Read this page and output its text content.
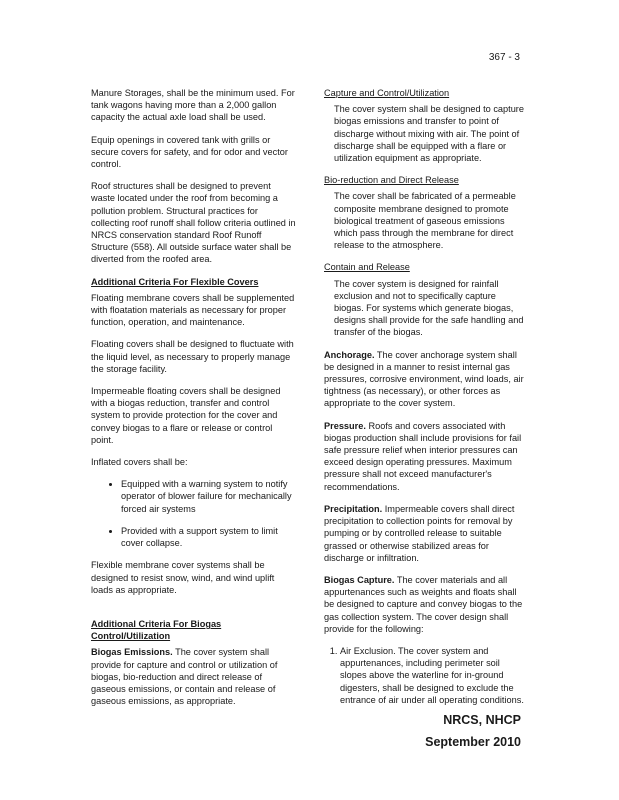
367 - 3

Manure Storages, shall be the minimum used. For tank wagons having more than a 2,000 gallon capacity the actual axle load shall be used.

Equip openings in covered tank with grills or secure covers for safety, and for odor and vector control.

Roof structures shall be designed to prevent waste located under the roof from becoming a pollution problem. Structural practices for collecting roof runoff shall follow criteria outlined in NRCS conservation standard Roof Runoff Structure (558). All outside surface water shall be diverted from the roofed area.

Additional Criteria For Flexible Covers

Floating membrane covers shall be supplemented with floatation materials as necessary for proper function, operation, and maintenance.

Floating covers shall be designed to fluctuate with the liquid level, as necessary to properly manage the storage facility.

Impermeable floating covers shall be designed with a biogas reduction, transfer and control system to provide protection for the cover and convey biogas to a flare or release or control point.

Inflated covers shall be:

• Equipped with a warning system to notify operator of blower failure for mechanically forced air systems
• Provided with a support system to limit cover collapse.

Flexible membrane cover systems shall be designed to resist snow, wind, and wind uplift loads as appropriate.

Additional Criteria For Biogas Control/Utilization

Biogas Emissions. The cover system shall provide for capture and control or utilization of biogas, bio-reduction and direct release of gaseous emissions, or contain and release of gaseous emissions, as appropriate.

Capture and Control/Utilization

The cover system shall be designed to capture biogas emissions and transfer to point of discharge without mixing with air. The point of discharge shall be equipped with a flare or utilization equipment as appropriate.

Bio-reduction and Direct Release

The cover shall be fabricated of a permeable composite membrane designed to promote biological treatment of gaseous emissions which pass through the membrane for direct release to the atmosphere.

Contain and Release

The cover system is designed for rainfall exclusion and not to specifically capture biogas. For systems which generate biogas, designs shall provide for the safe handling and transfer of the biogas.

Anchorage. The cover anchorage system shall be designed in a manner to resist internal gas pressures, corrosive environment, wind loads, air tightness (as necessary), or other forces as appropriate to the cover system.

Pressure. Roofs and covers associated with biogas production shall include provisions for fail safe pressure relief when interior pressures can exceed design operating pressures. Maximum pressure shall not exceed manufacturer's recommendations.

Precipitation. Impermeable covers shall direct precipitation to collection points for removal by pumping or by controlled release to suitable grassed or otherwise stabilized areas for discharge or infiltration.

Biogas Capture. The cover materials and all appurtenances such as weights and floats shall be designed to capture and convey biogas to the gas collection system. The cover design shall provide for the following:

1. Air Exclusion. The cover system and appurtenances, including perimeter soil slopes above the waterline for in-ground digesters, shall be designed to exclude the entrance of air under all operating conditions.
NRCS, NHCP
September 2010
